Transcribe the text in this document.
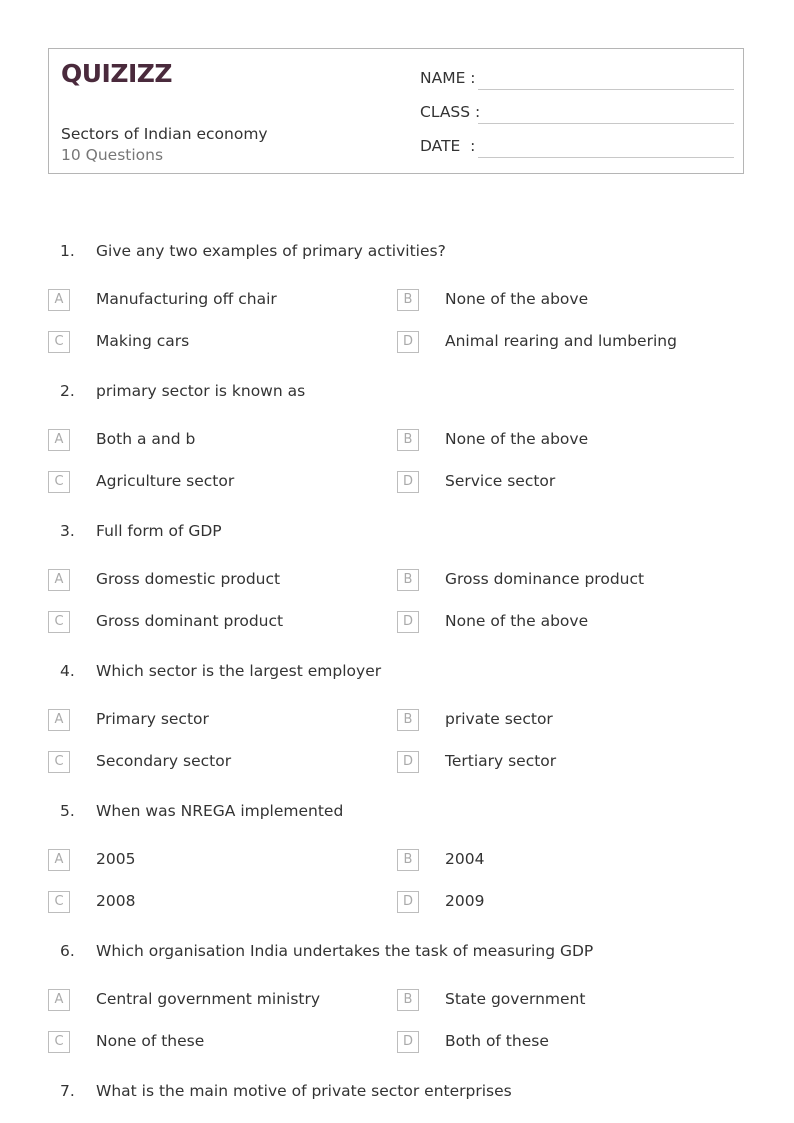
QUIZIZZ
Sectors of Indian economy
10 Questions
NAME :
CLASS :
DATE  :
1. Give any two examples of primary activities?
A	Manufacturing off chair	B	None of the above
C	Making cars	D	Animal rearing and lumbering
2. primary sector is known as
A	Both a and b	B	None of the above
C	Agriculture sector	D	Service sector
3. Full form of GDP
A	Gross domestic product	B	Gross dominance product
C	Gross dominant product	D	None of the above
4. Which sector is the largest employer
A	Primary sector	B	private sector
C	Secondary sector	D	Tertiary sector
5. When was NREGA implemented
A	2005	B	2004
C	2008	D	2009
6. Which organisation India undertakes the task of measuring GDP
A	Central government ministry	B	State government
C	None of these	D	Both of these
7. What is the main motive of private sector enterprises
